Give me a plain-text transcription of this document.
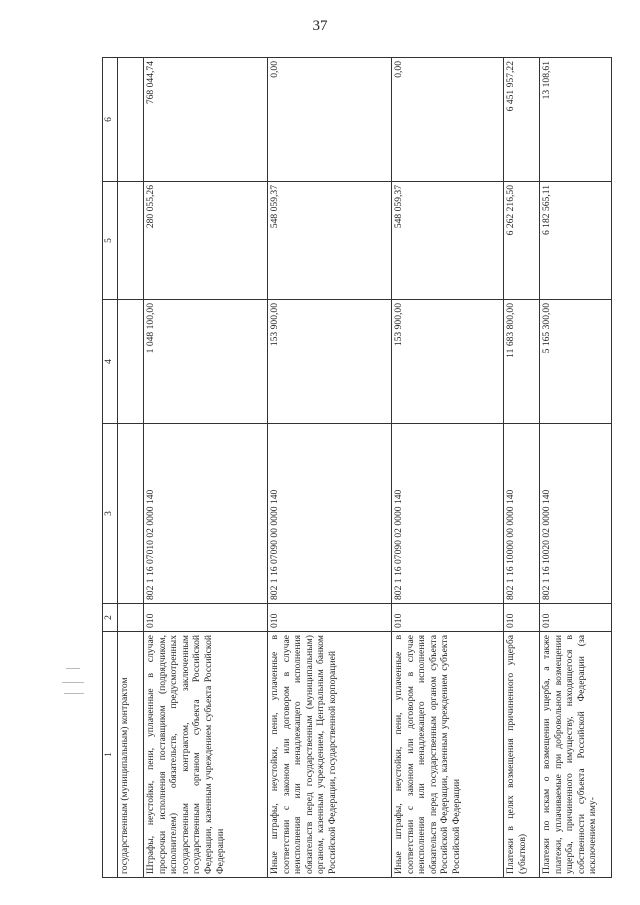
37
1	2	3	4	5	6
государственным (муниципальным) контрактом					
Штрафы, неустойки, пени, уплаченные в случае просрочки исполнения поставщиком (подрядчиком, исполнителем) обязательств, предусмотренных государственным контрактом, заключенным государственным органом субъекта Российской Федерации, казенным учреждением субъекта Российской Федерации	010	802 1 16 07010 02 0000 140	1 048 100,00	280 055,26	768 044,74
Иные штрафы, неустойки, пени, уплаченные в соответствии с законом или договором в случае неисполнения или ненадлежащего исполнения обязательств перед государственным (муниципальным) органом, казенным учреждением, Центральным банком Российской Федерации, государственной корпорацией	010	802 1 16 07090 00 0000 140	153 900,00	548 059,37	0,00
Иные штрафы, неустойки, пени, уплаченные в соответствии с законом или договором в случае неисполнения или ненадлежащего исполнения обязательств перед государственным органом субъекта Российской Федерации, казенным учреждением субъекта Российской Федерации	010	802 1 16 07090 02 0000 140	153 900,00	548 059,37	0,00
Платежи в целях возмещения причиненного ущерба (убытков)	010	802 1 16 10000 00 0000 140	11 683 800,00	6 262 216,50	6 451 957,22
Платежи по искам о возмещении ущерба, а также платежи, уплачиваемые при добровольном возмещении ущерба, причиненного имуществу, находящегося в собственности субъекта Российской Федерации (за исключением иму-	010	802 1 16 10020 02 0000 140	5 165 300,00	6 182 565,11	13 108,61
